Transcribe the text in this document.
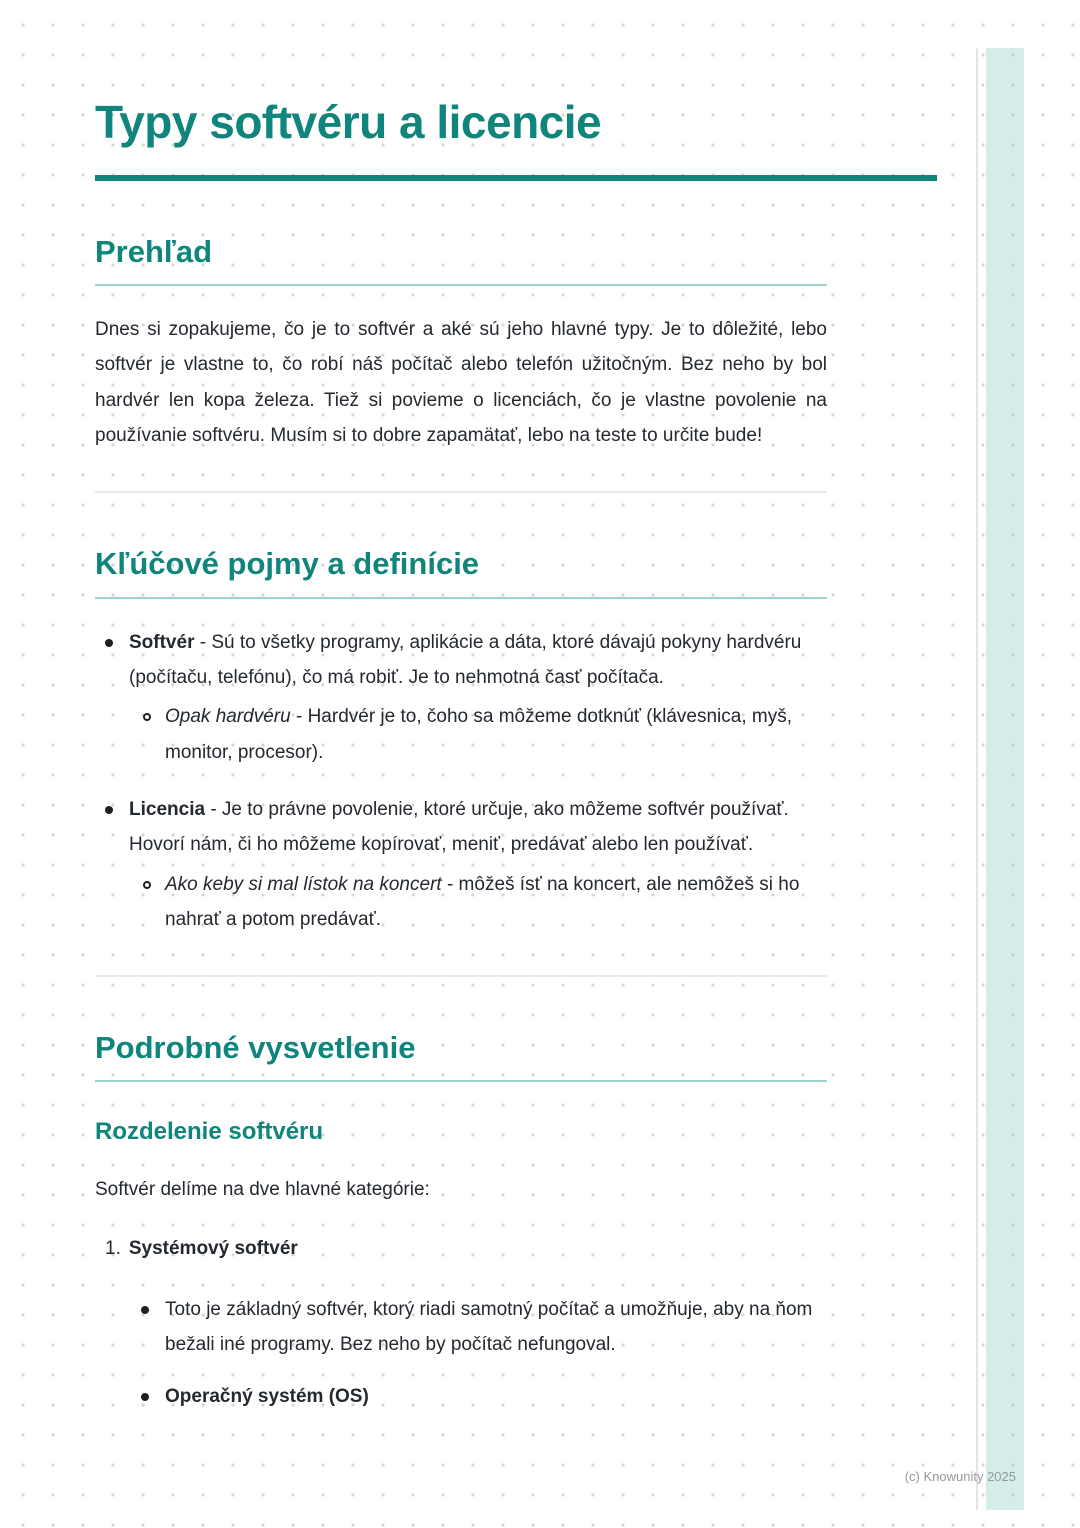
Typy softvéru a licencie
Prehľad

Dnes si zopakujeme, čo je to softvér a aké sú jeho hlavné typy. Je to dôležité, lebo softvér je vlastne to, čo robí náš počítač alebo telefón užitočným. Bez neho by bol hardvér len kopa železa. Tiež si povieme o licenciách, čo je vlastne povolenie na používanie softvéru. Musím si to dobre zapamätať, lebo na teste to určite bude!

Kľúčové pojmy a definície
Softvér - Sú to všetky programy, aplikácie a dáta, ktoré dávajú pokyny hardvéru (počítaču, telefónu), čo má robiť. Je to nehmotná časť počítača.
Opak hardvéru - Hardvér je to, čoho sa môžeme dotknúť (klávesnica, myš, monitor, procesor).
Licencia - Je to právne povolenie, ktoré určuje, ako môžeme softvér používať. Hovorí nám, či ho môžeme kopírovať, meniť, predávať alebo len používať.
Ako keby si mal lístok na koncert - môžeš ísť na koncert, ale nemôžeš si ho nahrať a potom predávať.
Podrobné vysvetlenie
Rozdelenie softvéru

Softvér delíme na dve hlavné kategórie:

1. Systémový softvér
Toto je základný softvér, ktorý riadi samotný počítač a umožňuje, aby na ňom bežali iné programy. Bez neho by počítač nefungoval.
Operačný systém (OS)
(c) Knowunity 2025
